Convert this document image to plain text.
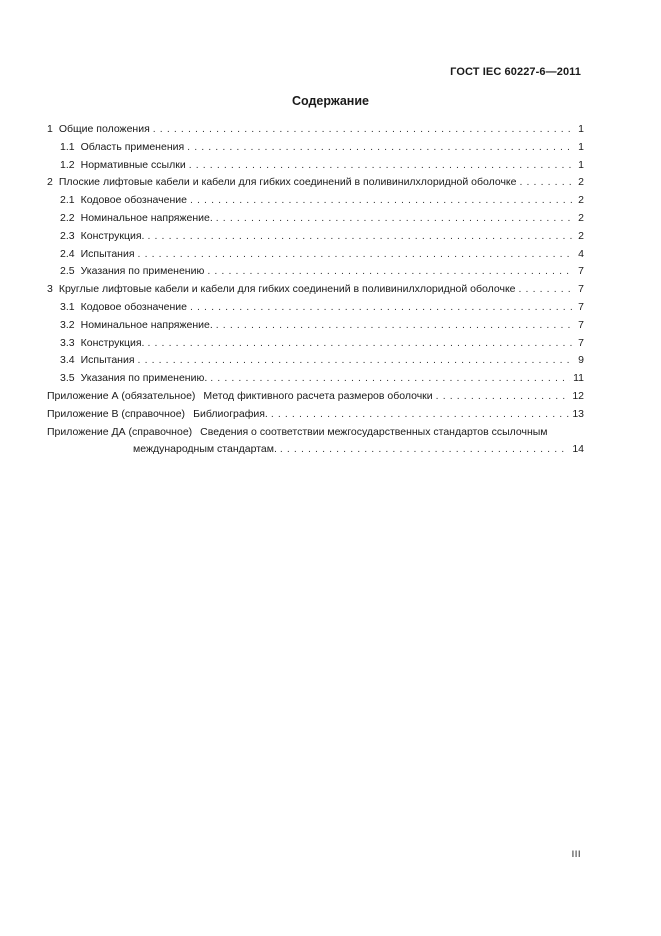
ГОСТ IEC 60227-6—2011
Содержание
1 Общие положения . . .	1
1.1 Область применения . . .	1
1.2 Нормативные ссылки . . .	1
2 Плоские лифтовые кабели и кабели для гибких соединений в поливинилхлоридной оболочке . . .	2
2.1 Кодовое обозначение . . .	2
2.2 Номинальное напряжение. . . .	2
2.3 Конструкция. . . .	2
2.4 Испытания . . .	4
2.5 Указания по применению . . .	7
3 Круглые лифтовые кабели и кабели для гибких соединений в поливинилхлоридной оболочке . . .	7
3.1 Кодовое обозначение . . .	7
3.2 Номинальное напряжение. . . .	7
3.3 Конструкция. . . .	7
3.4 Испытания . . .	9
3.5 Указания по применению. . . .	11
Приложение А (обязательное) Метод фиктивного расчета размеров оболочки . . .	12
Приложение В (справочное) Библиография. . . .	13
Приложение ДА (справочное) Сведения о соответствии межгосударственных стандартов ссылочным
международным стандартам. . . .	14
III
